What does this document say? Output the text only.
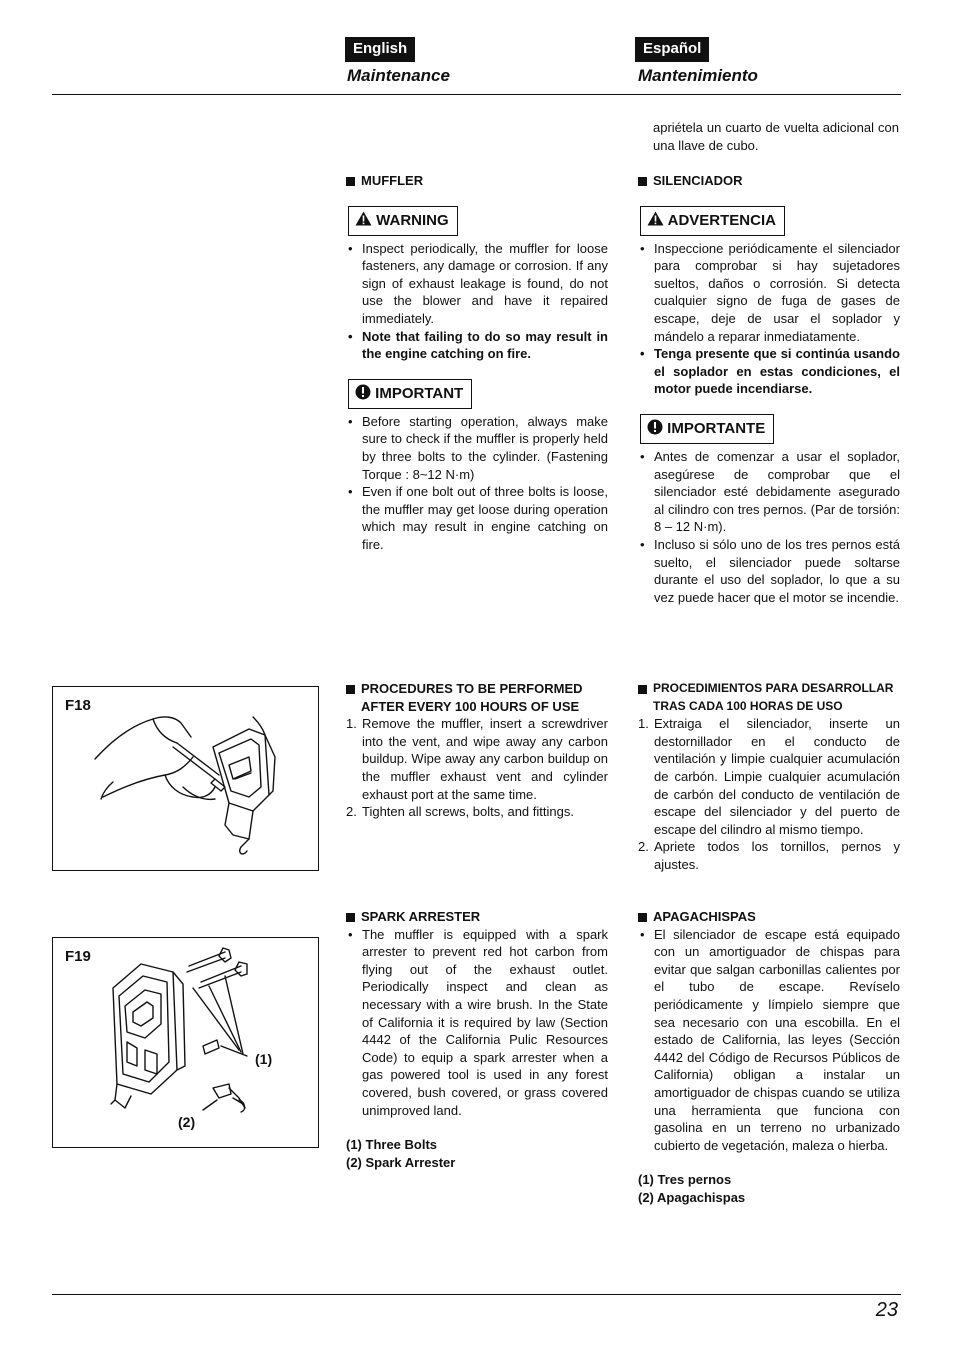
English	Español
Maintenance	Mantenimiento
MUFFLER
WARNING
• Inspect periodically, the muffler for loose fasteners, any damage or corrosion. If any sign of exhaust leakage is found, do not use the blower and have it repaired immediately.
• Note that failing to do so may result in the engine catching on fire.
IMPORTANT
• Before starting operation, always make sure to check if the muffler is properly held by three bolts to the cylinder. (Fastening Torque : 8~12 N·m)
• Even if one bolt out of three bolts is loose, the muffler may get loose during operation which may result in engine catching on fire.
PROCEDURES TO BE PERFORMED AFTER EVERY 100 HOURS OF USE
1. Remove the muffler, insert a screwdriver into the vent, and wipe away any carbon buildup. Wipe away any carbon buildup on the muffler exhaust vent and cylinder exhaust port at the same time.
2. Tighten all screws, bolts, and fittings.
SPARK ARRESTER
• The muffler is equipped with a spark arrester to prevent red hot carbon from flying out of the exhaust outlet. Periodically inspect and clean as necessary with a wire brush. In the State of California it is required by law (Section 4442 of the California Pulic Resources Code) to equip a spark arrester when a gas powered tool is used in any forest covered, bush covered, or grass covered unimproved land.
(1) Three Bolts
(2) Spark Arrester
apriétela un cuarto de vuelta adicional con una llave de cubo.
SILENCIADOR
ADVERTENCIA
• Inspeccione periódicamente el silenciador para comprobar si hay sujetadores sueltos, daños o corrosión. Si detecta cualquier signo de fuga de gases de escape, deje de usar el soplador y mándelo a reparar inmediatamente.
• Tenga presente que si continúa usando el soplador en estas condiciones, el motor puede incendiarse.
IMPORTANTE
• Antes de comenzar a usar el soplador, asegúrese de comprobar que el silenciador esté debidamente asegurado al cilindro con tres pernos. (Par de torsión: 8 – 12 N·m).
• Incluso si sólo uno de los tres pernos está suelto, el silenciador puede soltarse durante el uso del soplador, lo que a su vez puede hacer que el motor se incendie.
PROCEDIMIENTOS PARA DESARROLLAR TRAS CADA 100 HORAS DE USO
1. Extraiga el silenciador, inserte un destornillador en el conducto de ventilación y limpie cualquier acumulación de carbón. Limpie cualquier acumulación de carbón del conducto de ventilación de escape del silenciador y del puerto de escape del cilindro al mismo tiempo.
2. Apriete todos los tornillos, pernos y ajustes.
APAGACHISPAS
• El silenciador de escape está equipado con un amortiguador de chispas para evitar que salgan carbonillas calientes por el tubo de escape. Revíselo periódicamente y límpielo siempre que sea necesario con una escobilla. En el estado de California, las leyes (Sección 4442 del Código de Recursos Públicos de California) obligan a instalar un amortiguador de chispas cuando se utiliza una herramienta que funciona con gasolina en un terreno no urbanizado cubierto de vegetación, maleza o hierba.
(1) Tres pernos
(2) Apagachispas
F18
F19
(1)
(2)
23
